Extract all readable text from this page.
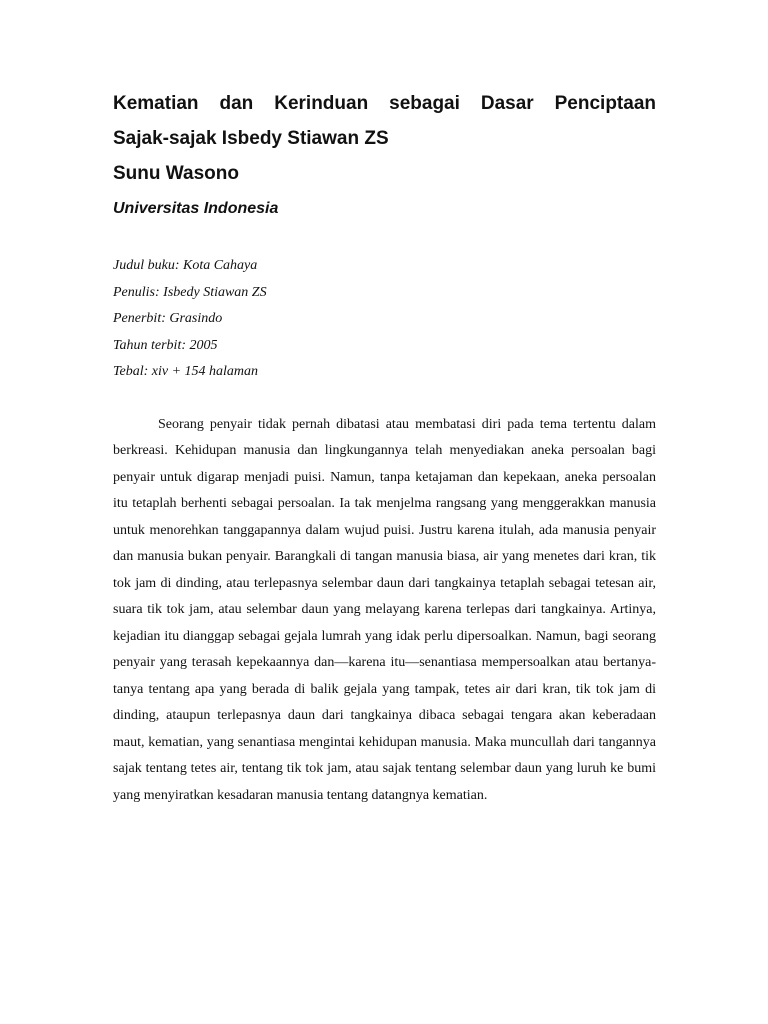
Kematian dan Kerinduan sebagai Dasar Penciptaan
Sajak-sajak Isbedy Stiawan ZS

Sunu Wasono

Universitas Indonesia

Judul buku: Kota Cahaya
Penulis: Isbedy Stiawan ZS
Penerbit: Grasindo
Tahun terbit: 2005
Tebal: xiv + 154 halaman

Seorang penyair tidak pernah dibatasi atau membatasi diri pada tema tertentu dalam berkreasi. Kehidupan manusia dan lingkungannya telah menyediakan aneka persoalan bagi penyair untuk digarap menjadi puisi. Namun, tanpa ketajaman dan kepekaan, aneka persoalan itu tetaplah berhenti sebagai persoalan. Ia tak menjelma rangsang yang menggerakkan manusia untuk menorehkan tanggapannya dalam wujud puisi. Justru karena itulah, ada manusia penyair dan manusia bukan penyair. Barangkali di tangan manusia biasa, air yang menetes dari kran, tik tok jam di dinding, atau terlepasnya selembar daun dari tangkainya tetaplah sebagai tetesan air, suara tik tok jam, atau selembar daun yang melayang karena terlepas dari tangkainya. Artinya, kejadian itu dianggap sebagai gejala lumrah yang idak perlu dipersoalkan. Namun, bagi seorang penyair yang terasah kepekaannya dan—karena itu—senantiasa mempersoalkan atau bertanya-tanya tentang apa yang berada di balik gejala yang tampak, tetes air dari kran, tik tok jam di dinding, ataupun terlepasnya daun dari tangkainya dibaca sebagai tengara akan keberadaan maut, kematian, yang senantiasa mengintai kehidupan manusia. Maka muncullah dari tangannya sajak tentang tetes air, tentang tik tok jam, atau sajak tentang selembar daun yang luruh ke bumi yang menyiratkan kesadaran manusia tentang datangnya kematian.
